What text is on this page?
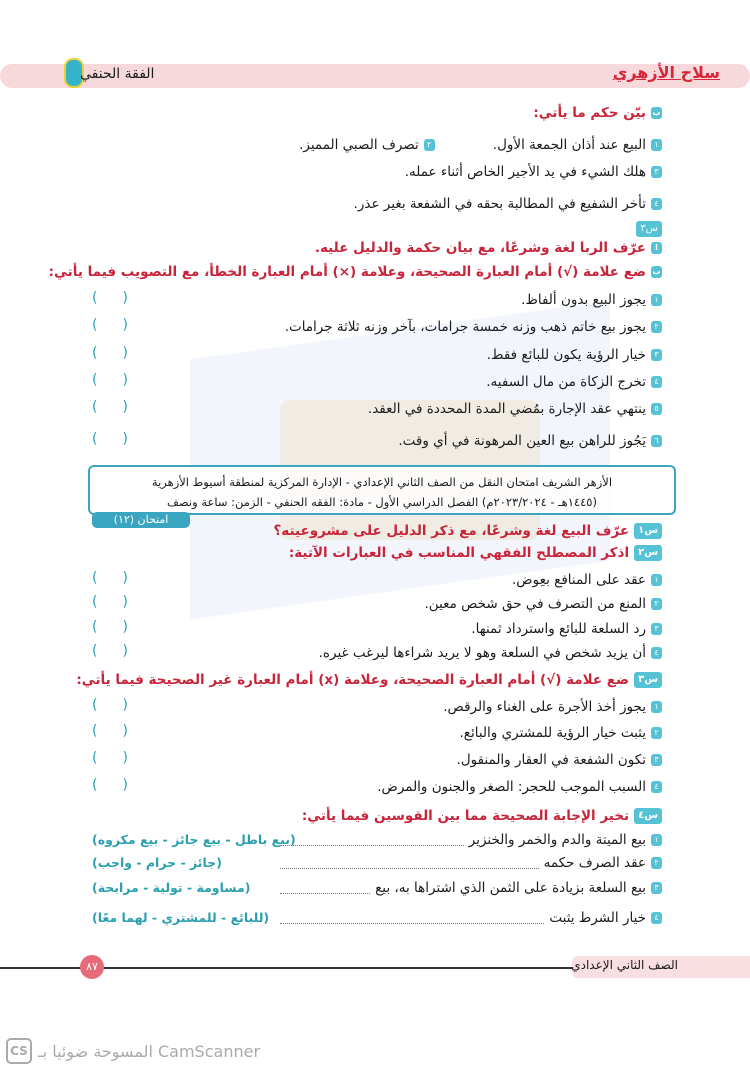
سلاح الأزهري
الفقة الحنفي
ب
بيّن حكم ما يأتي:
١
البيع عند أذان الجمعة الأول.
٢
تصرف الصبي المميز.
٣
هلك الشيء في يد الأجير الخاص أثناء عمله.
٤
تأخر الشفيع في المطالبة بحقه في الشفعة بغير عذر.
س٣
ا
عرّف الربا لغة وشرعًا، مع بيان حكمة والدليل عليه.
ب
ضع علامة (√) أمام العبارة الصحيحة، وعلامة (×) أمام العبارة الخطأ، مع التصويب فيما يأتي:
١
يجوز البيع بدون ألفاظ.
( )
٢
يجوز بيع خاتم ذهب وزنه خمسة جرامات، بآخر وزنه ثلاثة جرامات.
( )
٣
خيار الرؤية يكون للبائع فقط.
( )
٤
تخرج الزكاة من مال السفيه.
( )
٥
ينتهي عقد الإجارة بمُضي المدة المحددة في العقد.
( )
٦
يَجُوز للراهن بيع العين المرهونة في أي وقت.
( )
الأزهر الشريف امتحان النقل من الصف الثاني الإعدادي - الإدارة المركزية لمنطقة أسيوط الأزهرية
(١٤٤٥هـ - ٢٠٢٣/٢٠٢٤م) الفصل الدراسي الأول - مادة: الفقه الحنفي - الزمن: ساعة ونصف
امتحان (١٢)
س١
عرّف البيع لغة وشرعًا، مع ذكر الدليل على مشروعيته؟
س٢
اذكر المصطلح الفقهي المناسب في العبارات الآتية:
١
عقد على المنافع بعِوض.
( )
٢
المنع من التصرف في حق شخص معين.
( )
٣
رد السلعة للبائع واسترداد ثمنها.
( )
٤
أن يزيد شخص في السلعة وهو لا يريد شراءها ليرغب غيره.
( )
س٣
ضع علامة (√) أمام العبارة الصحيحة، وعلامة (x) أمام العبارة غير الصحيحة فيما يأتي:
١
يجوز أخذ الأجرة على الغناء والرقص.
( )
٢
يثبت خيار الرؤية للمشتري والبائع.
( )
٣
تكون الشفعة في العقار والمنقول.
( )
٤
السبب الموجب للحجر: الصغر والجنون والمرض.
( )
س٤
تخير الإجابة الصحيحة مما بين القوسين فيما يأتي:
١
بيع الميتة والدم والخمر والخنزير
(بيع باطل - بيع جائز - بيع مكروه)
٢
عقد الصرف حكمه
(جائز - حرام - واجب)
٣
بيع السلعة بزيادة على الثمن الذي اشتراها به، بيع
(مساومة - تولية - مرابحة)
٤
خيار الشرط يثبت
(للبائع - للمشتري - لهما معًا)
الصف الثاني الإعدادي
٨٧
CS المسوحة ضوئيا بـ CamScanner
